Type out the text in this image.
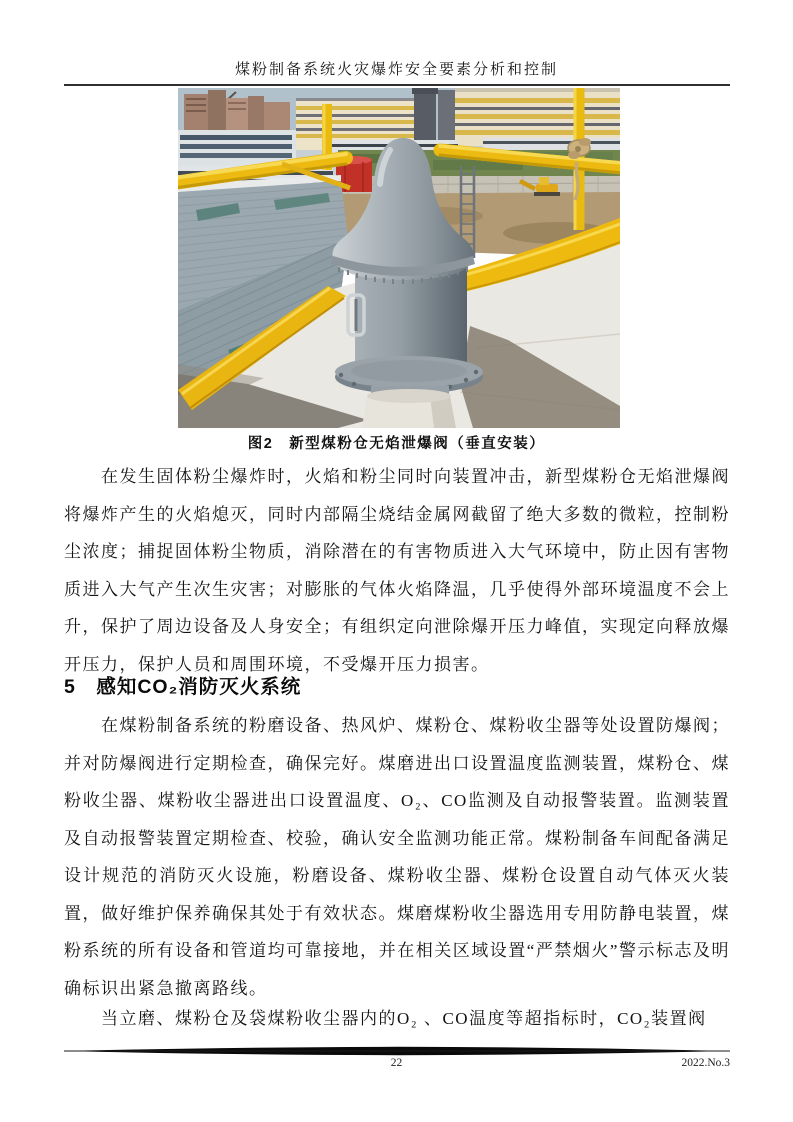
煤粉制备系统火灾爆炸安全要素分析和控制
图2　新型煤粉仓无焰泄爆阀（垂直安装）

在发生固体粉尘爆炸时，火焰和粉尘同时向装置冲击，新型煤粉仓无焰泄爆阀将爆炸产生的火焰熄灭，同时内部隔尘烧结金属网截留了绝大多数的微粒，控制粉尘浓度；捕捉固体粉尘物质，消除潜在的有害物质进入大气环境中，防止因有害物质进入大气产生次生灾害；对膨胀的气体火焰降温，几乎使得外部环境温度不会上升，保护了周边设备及人身安全；有组织定向泄除爆开压力峰值，实现定向释放爆开压力，保护人员和周围环境，不受爆开压力损害。

5　感知CO₂消防灭火系统

在煤粉制备系统的粉磨设备、热风炉、煤粉仓、煤粉收尘器等处设置防爆阀；并对防爆阀进行定期检查，确保完好。煤磨进出口设置温度监测装置，煤粉仓、煤粉收尘器、煤粉收尘器进出口设置温度、O₂、CO监测及自动报警装置。监测装置及自动报警装置定期检查、校验，确认安全监测功能正常。煤粉制备车间配备满足设计规范的消防灭火设施，粉磨设备、煤粉收尘器、煤粉仓设置自动气体灭火装置，做好维护保养确保其处于有效状态。煤磨煤粉收尘器选用专用防静电装置，煤粉系统的所有设备和管道均可靠接地，并在相关区域设置“严禁烟火”警示标志及明确标识出紧急撤离路线。

当立磨、煤粉仓及袋煤粉收尘器内的O₂ 、CO温度等超指标时，CO₂装置阀

22	2022.No.3
